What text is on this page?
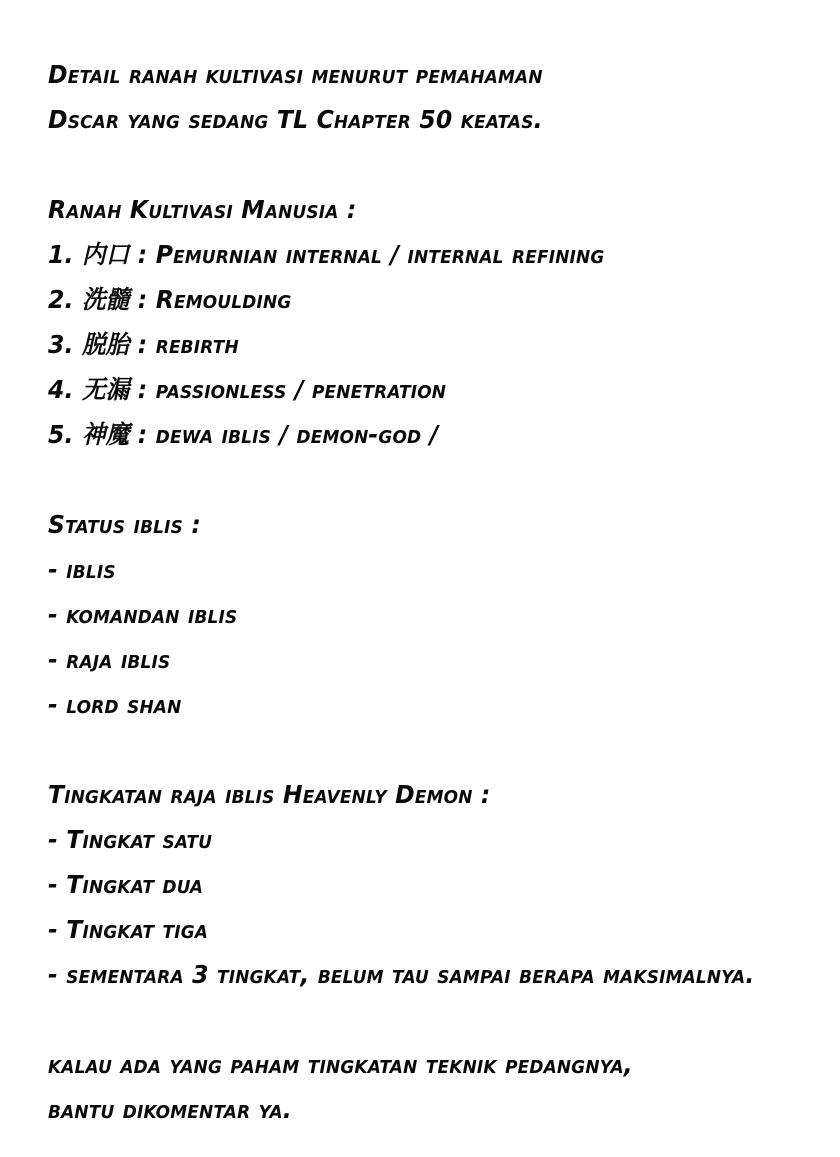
Detail ranah kultivasi menurut pemahaman
Dscar yang sedang TL Chapter 50 keatas.
Ranah Kultivasi Manusia :
1. 内口 : Pemurnian internal / internal refining
2. 洗髓 : Remoulding
3. 脱胎 : rebirth
4. 无漏 : passionless / penetration
5. 神魔 : dewa iblis / demon-god /
Status iblis :
- iblis
- komandan iblis
- raja iblis
- lord shan
Tingkatan raja iblis Heavenly Demon :
- Tingkat satu
- Tingkat dua
- Tingkat tiga
- sementara 3 tingkat, belum tau sampai berapa maksimalnya.
kalau ada yang paham tingkatan teknik pedangnya,
bantu dikomentar ya.
